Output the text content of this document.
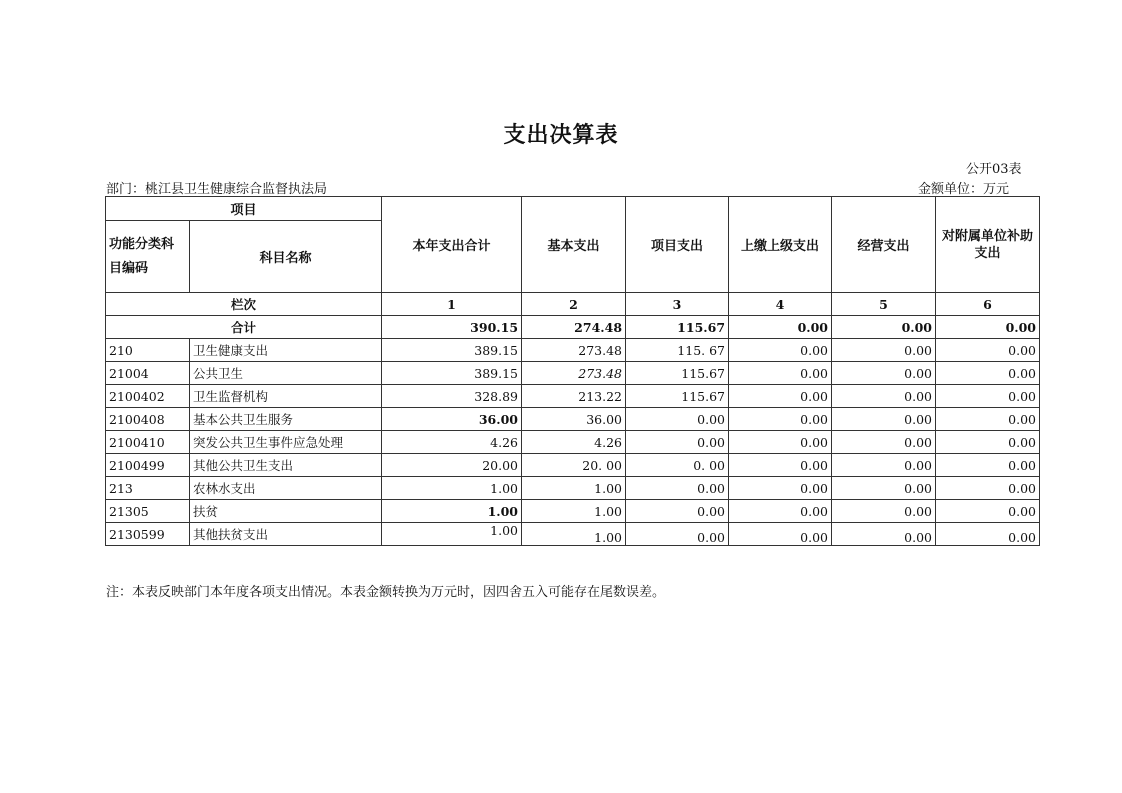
支出决算表
公开03表
部门：桃江县卫生健康综合监督执法局	金额单位：万元
项目		本年支出合计	基本支出	项目支出	上缴上级支出	经营支出	对附属单位补助支出
功能分类科目编码	科目名称						
栏次		1	2	3	4	5	6
合计		390.15	274.48	115.67	0.00	0.00	0.00
210	卫生健康支出	389.15	273.48	115. 67	0.00	0.00	0.00
21004	公共卫生	389.15	273.48	115.67	0.00	0.00	0.00
2100402	卫生监督机构	328.89	213.22	115.67	0.00	0.00	0.00
2100408	基本公共卫生服务	36.00	36.00	0.00	0.00	0.00	0.00
2100410	突发公共卫生事件应急处理	4.26	4.26	0.00	0.00	0.00	0.00
2100499	其他公共卫生支出	20.00	20. 00	0. 00	0.00	0.00	0.00
213	农林水支出	1.00	1.00	0.00	0.00	0.00	0.00
21305	扶贫	1.00	1.00	0.00	0.00	0.00	0.00
2130599	其他扶贫支出	1.00	1.00	0.00	0.00	0.00	0.00
注：本表反映部门本年度各项支出情况。本表金额转换为万元时，因四舍五入可能存在尾数误差。
